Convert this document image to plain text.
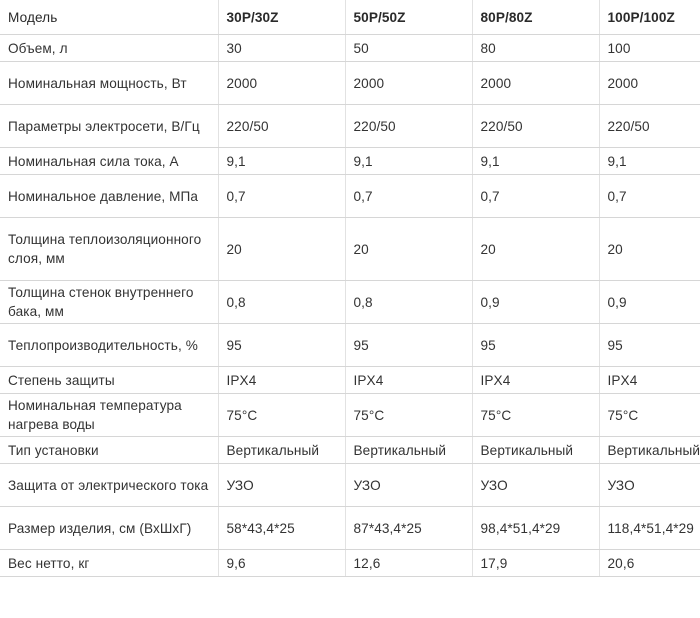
Модель	30P/30Z	50P/50Z	80P/80Z	100P/100Z
Объем, л	30	50	80	100
Номинальная мощность, Вт	2000	2000	2000	2000
Параметры электросети, В/Гц	220/50	220/50	220/50	220/50
Номинальная сила тока, А	9,1	9,1	9,1	9,1
Номинальное давление, МПа	0,7	0,7	0,7	0,7
Толщина теплоизоляционного слоя, мм	20	20	20	20
Толщина стенок внутреннего бака, мм	0,8	0,8	0,9	0,9
Теплопроизводительность, %	95	95	95	95
Степень защиты	IPX4	IPX4	IPX4	IPX4
Номинальная температура нагрева воды	75°C	75°C	75°C	75°C
Тип установки	Вертикальный	Вертикальный	Вертикальный	Вертикальный
Защита от электрического тока	УЗО	УЗО	УЗО	УЗО
Размер изделия, см (ВхШхГ)	58*43,4*25	87*43,4*25	98,4*51,4*29	118,4*51,4*29
Вес нетто, кг	9,6	12,6	17,9	20,6
